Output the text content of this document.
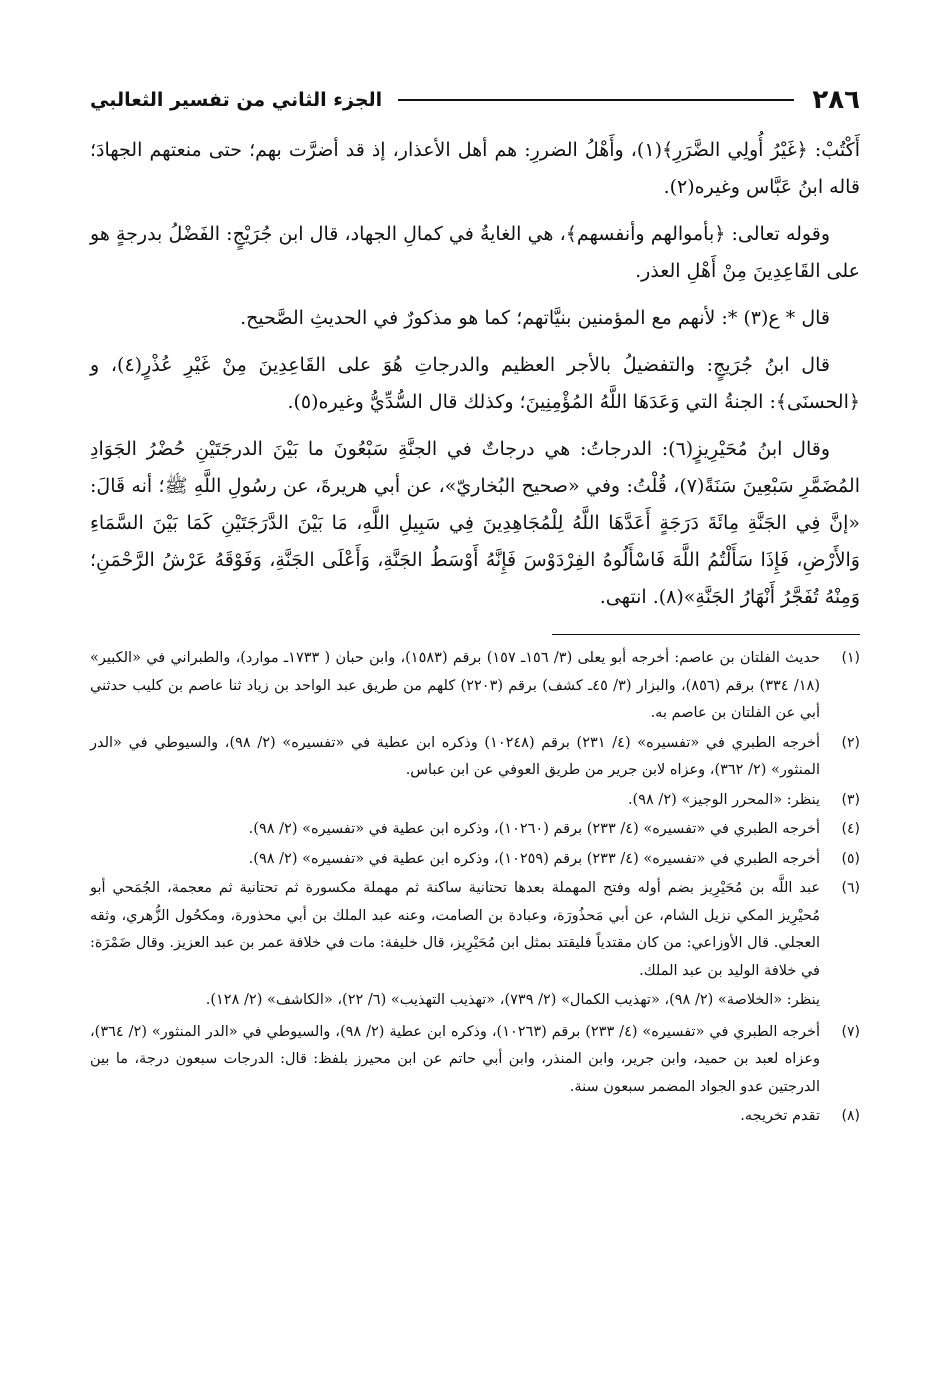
٢٨٦
الجزء الثاني من تفسير الثعالبي

أَكْتُبْ: ﴿غَيْرُ أُولِي الضَّرَرِ﴾(١)، وأَهْلُ الضررِ: هم أهل الأعذار، إذ قد أضرَّت بهم؛ حتى منعتهم الجهادَ؛ قاله ابنُ عَبَّاس وغيره(٢).

وقوله تعالى: ﴿بأموالهم وأنفسهم﴾، هي الغايةُ في كمالِ الجهاد، قال ابن جُرَيْجٍ: الفَضْلُ بدرجةٍ هو على القَاعِدِينَ مِنْ أَهْلِ العذر.

قال * ع(٣) *: لأنهم مع المؤمنين بنيَّاتهم؛ كما هو مذكورٌ في الحديثِ الصَّحيح.

قال ابنُ جُرَيجٍ: والتفضيلُ بالأجر العظيم والدرجاتِ هُوَ على القَاعِدِينَ مِنْ غَيْرِ عُذْرٍ(٤)، و ﴿الحسنَى﴾: الجنةُ التي وَعَدَهَا اللَّهُ المُؤْمِنِينَ؛ وكذلك قال السُّدِّيُّ وغيره(٥).

وقال ابنُ مُحَيْرِيزٍ(٦): الدرجاتُ: هي درجاتٌ في الجنَّةِ سَبْعُونَ ما بَيْنَ الدرجَتَيْنِ حُضْرُ الجَوَادِ المُضَمَّرِ سَبْعِينَ سَنَةً(٧)، قُلْتُ: وفي «صحيح البُخاريّ»، عن أبي هريرةَ، عن رسُولِ اللَّهِ ﷺ؛ أنه قَالَ: «إنَّ فِي الجَنَّةِ مِائَةَ دَرَجَةٍ أَعَدَّهَا اللَّهُ لِلْمُجَاهِدِينَ فِي سَبِيلِ اللَّهِ، مَا بَيْنَ الدَّرَجَتَيْنِ كَمَا بَيْنَ السَّمَاءِ وَالأَرْضِ، فَإِذَا سَأَلْتُمُ اللَّهَ فَاسْأَلُوهُ الفِرْدَوْسَ فَإِنَّهُ أَوْسَطُ الجَنَّةِ، وَأَعْلَى الجَنَّةِ، وَفَوْقَهُ عَرْشُ الرَّحْمَنِ؛ وَمِنْهُ تُفَجَّرُ أَنْهَارُ الجَنَّةِ»(٨). انتهى.

(١)
حديث الفلتان بن عاصم: أخرجه أبو يعلى (٣/ ١٥٦ـ ١٥٧) برقم (١٥٨٣)، وابن حبان ( ١٧٣٣ـ موارد)، والطبراني في «الكبير» (١٨/ ٣٣٤) برقم (٨٥٦)، والبزار (٣/ ٤٥ـ كشف) برقم (٢٢٠٣) كلهم من طريق عبد الواحد بن زياد ثنا عاصم بن كليب حدثني أبي عن الفلتان بن عاصم به.
(٢)
أخرجه الطبري في «تفسيره» (٤/ ٢٣١) برقم (١٠٢٤٨) وذكره ابن عطية في «تفسيره» (٢/ ٩٨)، والسيوطي في «الدر المنثور» (٢/ ٣٦٢)، وعزاه لابن جرير من طريق العوفي عن ابن عباس.
(٣)
ينظر: «المحرر الوجيز» (٢/ ٩٨).
(٤)
أخرجه الطبري في «تفسيره» (٤/ ٢٣٣) برقم (١٠٢٦٠)، وذكره ابن عطية في «تفسيره» (٢/ ٩٨).
(٥)
أخرجه الطبري في «تفسيره» (٤/ ٢٣٣) برقم (١٠٢٥٩)، وذكره ابن عطية في «تفسيره» (٢/ ٩٨).
(٦)
عبد اللَّه بن مُحَيْرِيز بضم أوله وفتح المهملة بعدها تحتانية ساكنة ثم مهملة مكسورة ثم تحتانية ثم معجمة، الجُمَحي أبو مُحيْرِيز المكي نزيل الشام، عن أبي مَحذُورَة، وعبادة بن الصامت، وعنه عبد الملك بن أبي محذورة، ومكحُول الزُّهري، وثقه العجلي. قال الأوزاعي: من كان مقتدياً فليقتد بمثل ابن مُحَيْرِيز، قال خليفة: مات في خلافة عمر بن عبد العزيز. وقال ضَمْرَة: في خلافة الوليد بن عبد الملك.
ينظر: «الخلاصة» (٢/ ٩٨)، «تهذيب الكمال» (٢/ ٧٣٩)، «تهذيب التهذيب» (٦/ ٢٢)، «الكاشف» (٢/ ١٢٨).
(٧)
أخرجه الطبري في «تفسيره» (٤/ ٢٣٣) برقم (١٠٢٦٣)، وذكره ابن عطية (٢/ ٩٨)، والسيوطي في «الدر المنثور» (٢/ ٣٦٤)، وعزاه لعبد بن حميد، وابن جرير، وابن المنذر، وابن أبي حاتم عن ابن محيرز بلفظ: قال: الدرجات سبعون درجة، ما بين الدرجتين عدو الجواد المضمر سبعون سنة.
(٨)
تقدم تخريجه.
